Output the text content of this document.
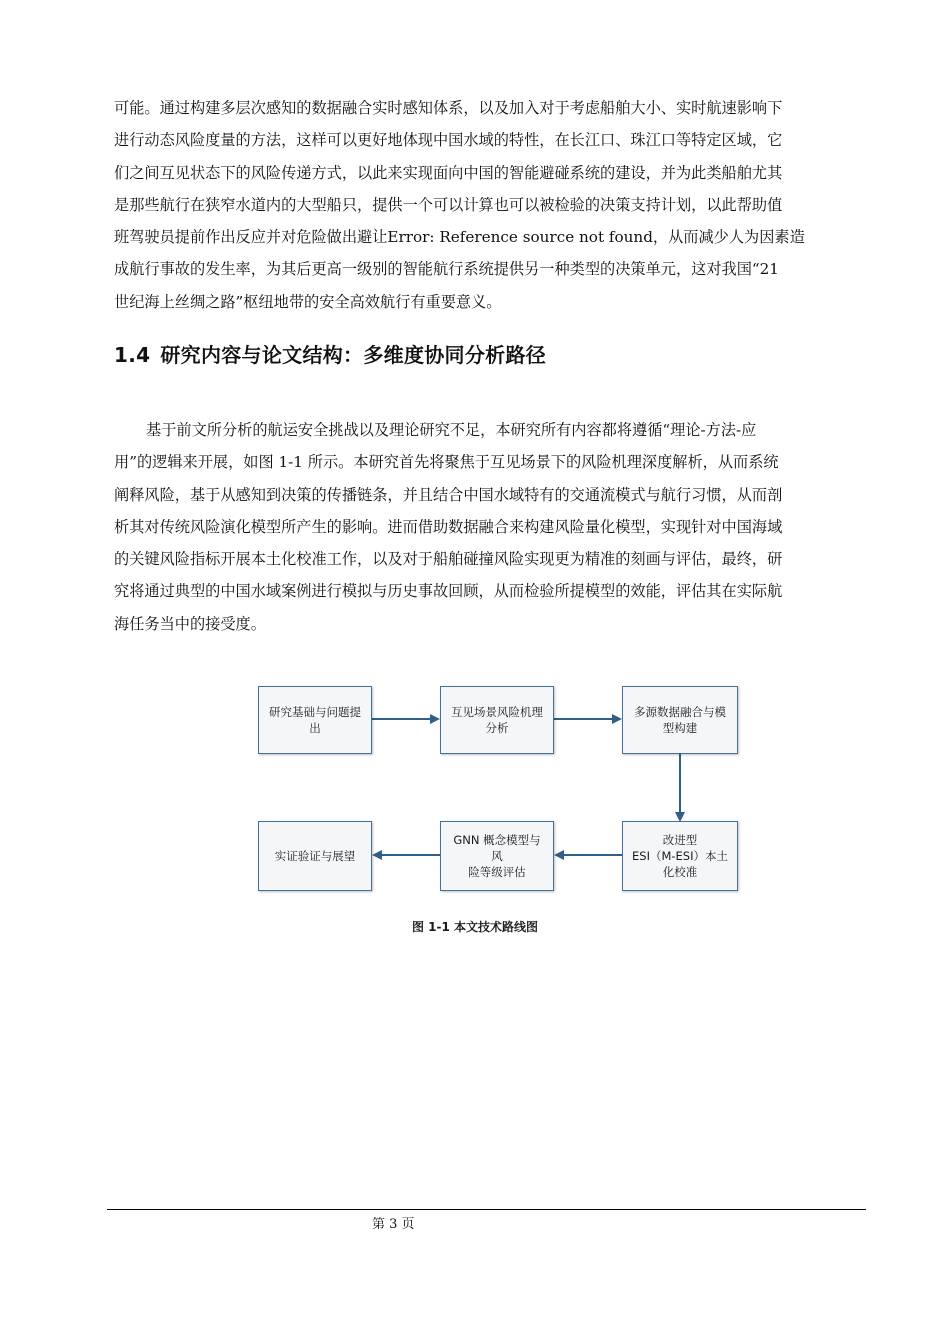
可能。通过构建多层次感知的数据融合实时感知体系，以及加入对于考虑船舶大小、实时航速影响下
进行动态风险度量的方法，这样可以更好地体现中国水域的特性，在长江口、珠江口等特定区域，它
们之间互见状态下的风险传递方式，以此来实现面向中国的智能避碰系统的建设，并为此类船舶尤其
是那些航行在狭窄水道内的大型船只，提供一个可以计算也可以被检验的决策支持计划，以此帮助值
班驾驶员提前作出反应并对危险做出避让Error: Reference source not found，从而减少人为因素造
成航行事故的发生率，为其后更高一级别的智能航行系统提供另一种类型的决策单元，这对我国“21
世纪海上丝绸之路”枢纽地带的安全高效航行有重要意义。

1.4 研究内容与论文结构：多维度协同分析路径

基于前文所分析的航运安全挑战以及理论研究不足，本研究所有内容都将遵循“理论-方法-应
用”的逻辑来开展，如图 1-1 所示。本研究首先将聚焦于互见场景下的风险机理深度解析，从而系统
阐释风险，基于从感知到决策的传播链条，并且结合中国水域特有的交通流模式与航行习惯，从而剖
析其对传统风险演化模型所产生的影响。进而借助数据融合来构建风险量化模型，实现针对中国海域
的关键风险指标开展本土化校准工作，以及对于船舶碰撞风险实现更为精准的刻画与评估，最终，研
究将通过典型的中国水域案例进行模拟与历史事故回顾，从而检验所提模型的效能，评估其在实际航
海任务当中的接受度。

研究基础与问题提
出
互见场景风险机理
分析
多源数据融合与模
型构建
改进型
ESI（M-ESI）本土
化校准
GNN 概念模型与风
险等级评估
实证验证与展望

图 1-1 本文技术路线图

第 3 页
